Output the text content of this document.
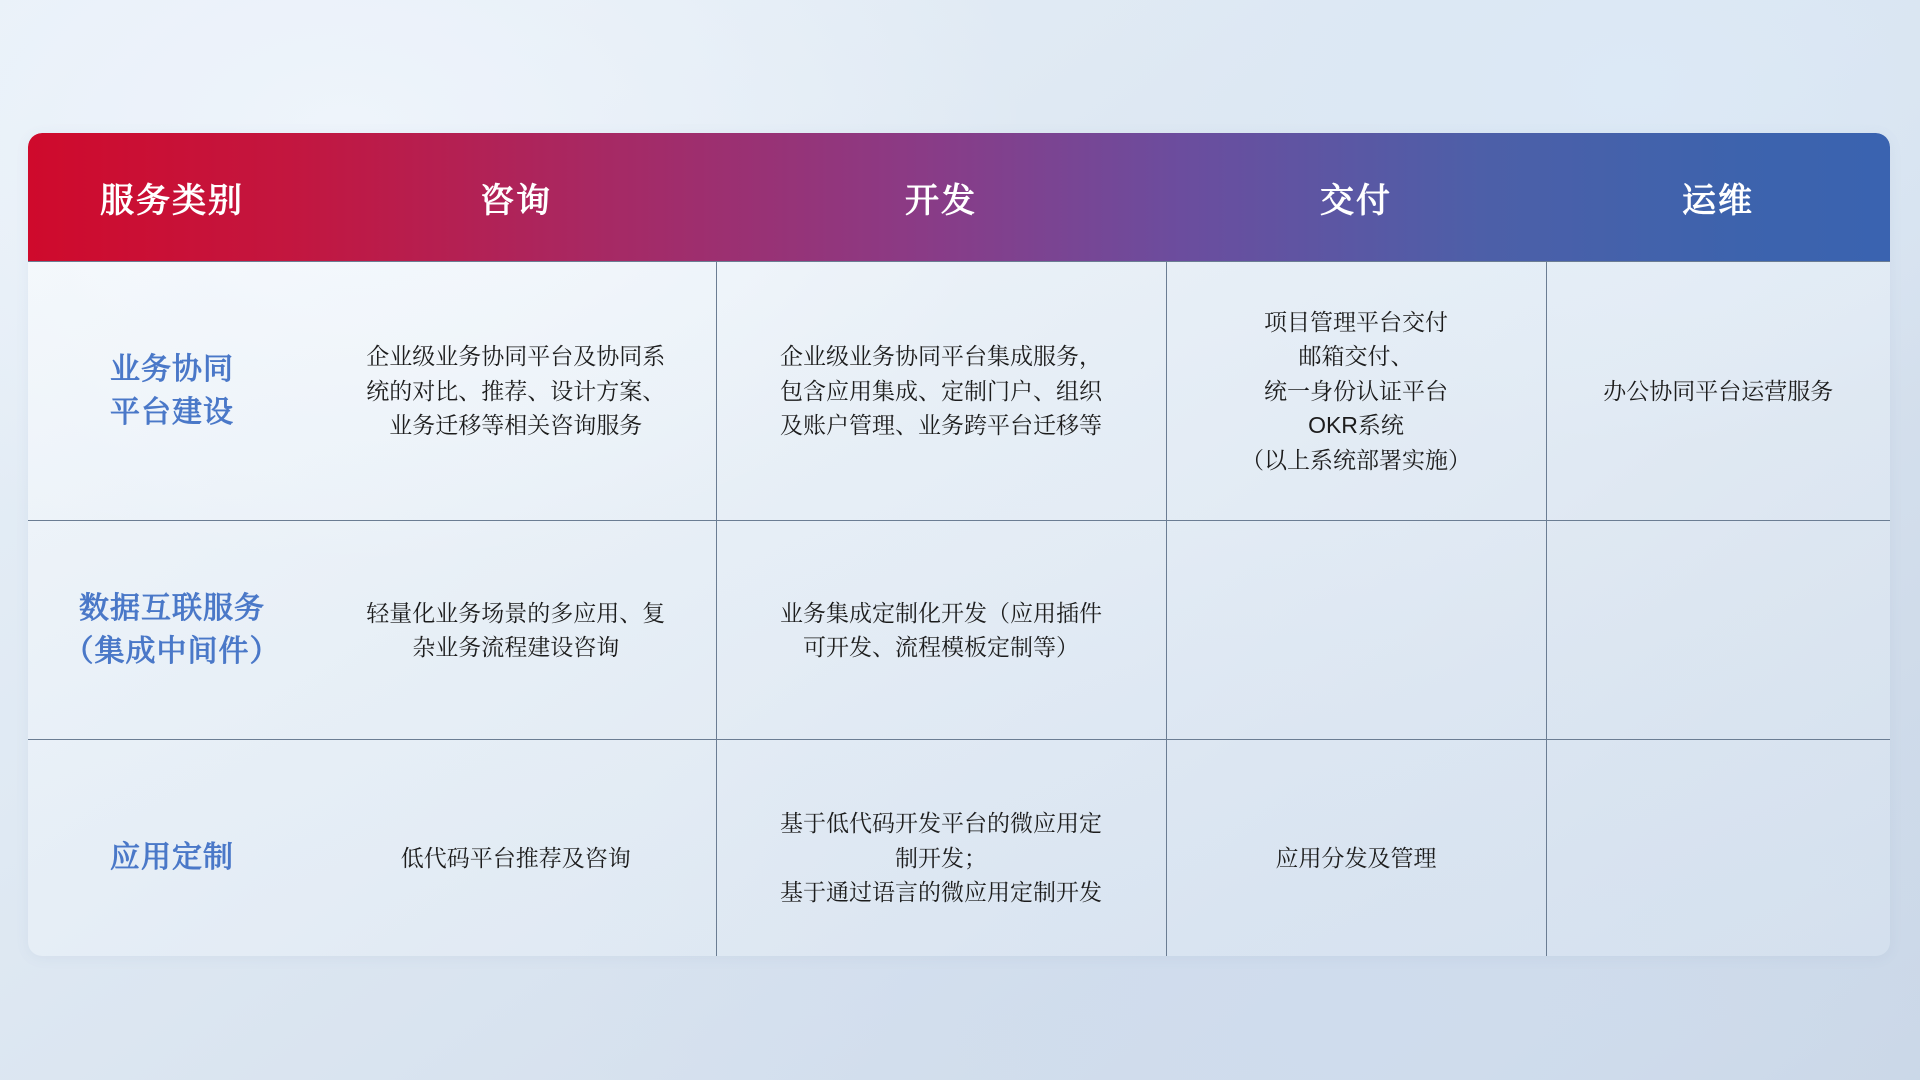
服务类别	咨询	开发	交付	运维

业务协同
平台建设	企业级业务协同平台及协同系
统的对比、推荐、设计方案、
业务迁移等相关咨询服务	企业级业务协同平台集成服务，
包含应用集成、定制门户、组织
及账户管理、业务跨平台迁移等	项目管理平台交付
邮箱交付、
统一身份认证平台
OKR系统
（以上系统部署实施）	办公协同平台运营服务

数据互联服务
（集成中间件）	轻量化业务场景的多应用、复
杂业务流程建设咨询	业务集成定制化开发（应用插件
可开发、流程模板定制等）		

应用定制	低代码平台推荐及咨询	基于低代码开发平台的微应用定
制开发；
基于通过语言的微应用定制开发	应用分发及管理	
